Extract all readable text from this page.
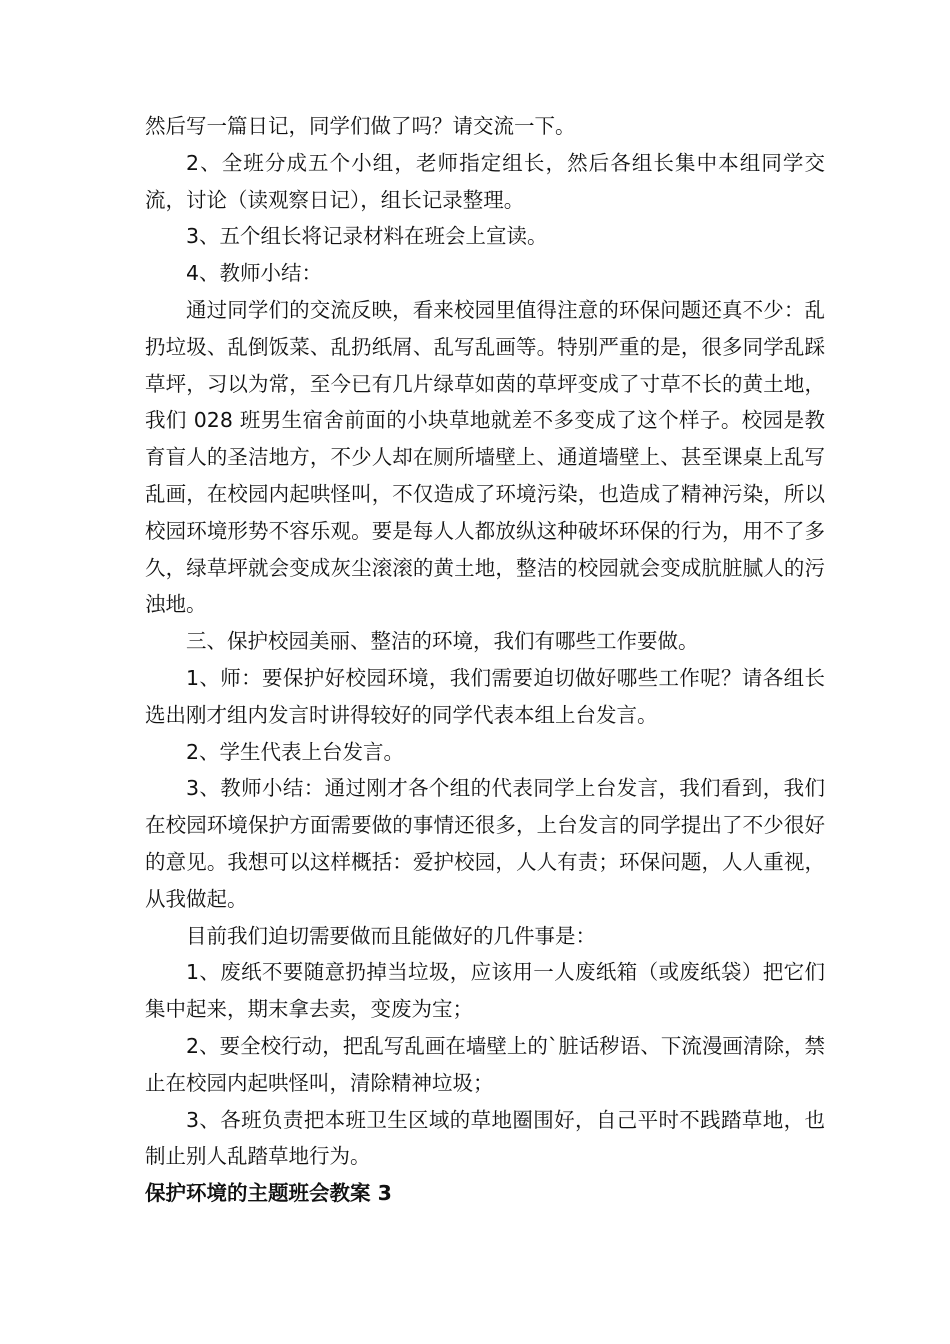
然后写一篇日记，同学们做了吗？请交流一下。

2、全班分成五个小组，老师指定组长，然后各组长集中本组同学交流，讨论（读观察日记），组长记录整理。

3、五个组长将记录材料在班会上宣读。

4、教师小结：

通过同学们的交流反映，看来校园里值得注意的环保问题还真不少：乱扔垃圾、乱倒饭菜、乱扔纸屑、乱写乱画等。特别严重的是，很多同学乱踩草坪，习以为常，至今已有几片绿草如茵的草坪变成了寸草不长的黄土地，我们 028 班男生宿舍前面的小块草地就差不多变成了这个样子。校园是教育盲人的圣洁地方，不少人却在厕所墙壁上、通道墙壁上、甚至课桌上乱写乱画，在校园内起哄怪叫，不仅造成了环境污染，也造成了精神污染，所以校园环境形势不容乐观。要是每人人都放纵这种破坏环保的行为，用不了多久，绿草坪就会变成灰尘滚滚的黄土地，整洁的校园就会变成肮脏腻人的污浊地。

三、保护校园美丽、整洁的环境，我们有哪些工作要做。

1、师：要保护好校园环境，我们需要迫切做好哪些工作呢？请各组长选出刚才组内发言时讲得较好的同学代表本组上台发言。

2、学生代表上台发言。

3、教师小结：通过刚才各个组的代表同学上台发言，我们看到，我们在校园环境保护方面需要做的事情还很多，上台发言的同学提出了不少很好的意见。我想可以这样概括：爱护校园，人人有责；环保问题，人人重视，从我做起。

目前我们迫切需要做而且能做好的几件事是：

1、废纸不要随意扔掉当垃圾，应该用一人废纸箱（或废纸袋）把它们集中起来，期末拿去卖，变废为宝；

2、要全校行动，把乱写乱画在墙壁上的`脏话秽语、下流漫画清除，禁止在校园内起哄怪叫，清除精神垃圾；

3、各班负责把本班卫生区域的草地圈围好，自己平时不践踏草地，也制止别人乱踏草地行为。

保护环境的主题班会教案 3
